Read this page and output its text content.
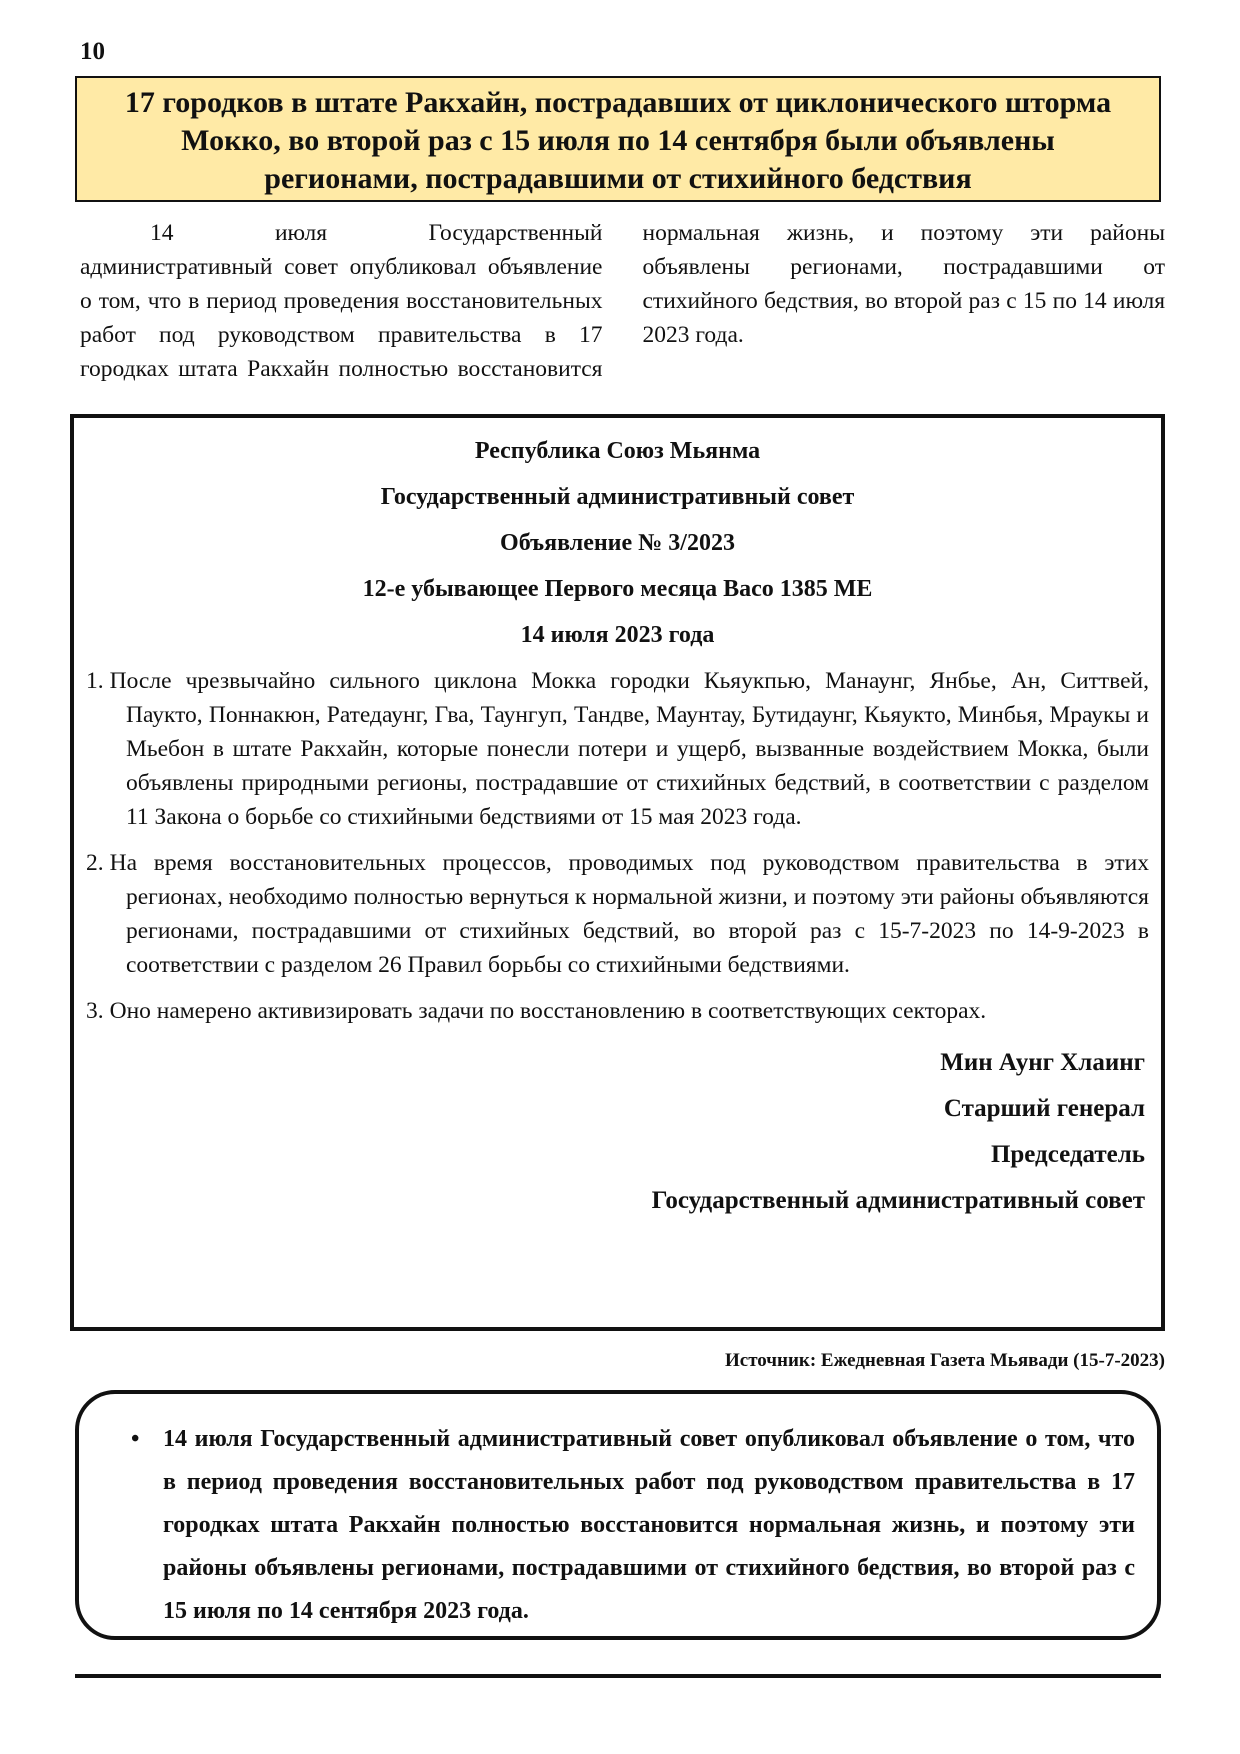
10
17 городков в штате Ракхайн, пострадавших от циклонического шторма
Мокко, во второй раз с 15 июля по 14 сентября были объявлены
регионами, пострадавшими от стихийного бедствия

14 июля Государственный административный совет опубликовал объявление о том, что в период проведения восстановительных работ под руководством правительства в 17 городках штата Ракхайн полностью восстановится нормальная жизнь, и поэтому эти районы объявлены регионами, пострадавшими от стихийного бедствия, во второй раз с 15 по 14 июля 2023 года.

Республика Союз Мьянма
Государственный административный совет
Объявление № 3/2023
12-е убывающее Первого месяца Васо 1385 ME
14 июля 2023 года
1. После чрезвычайно сильного циклона Мокка городки Кьяукпью, Манаунг, Янбье, Ан, Ситтвей, Паукто, Поннакюн, Ратедаунг, Гва, Таунгуп, Тандве, Маунтау, Бутидаунг, Кьяукто, Минбья, Мраукы и Мьебон в штате Ракхайн, которые понесли потери и ущерб, вызванные воздействием Мокка, были объявлены природными регионы, пострадавшие от стихийных бедствий, в соответствии с разделом 11 Закона о борьбе со стихийными бедствиями от 15 мая 2023 года.
2. На время восстановительных процессов, проводимых под руководством правительства в этих регионах, необходимо полностью вернуться к нормальной жизни, и поэтому эти районы объявляются регионами, пострадавшими от стихийных бедствий, во второй раз с 15-7-2023 по 14-9-2023 в соответствии с разделом 26 Правил борьбы со стихийными бедствиями.
3. Оно намерено активизировать задачи по восстановлению в соответствующих секторах.
Мин Аунг Хлаинг
Старший генерал
Председатель
Государственный административный совет
Источник: Ежедневная Газета Мьявади (15-7-2023)
• 14 июля Государственный административный совет опубликовал объявление о том, что в период проведения восстановительных работ под руководством правительства в 17 городках штата Ракхайн полностью восстановится нормальная жизнь, и поэтому эти районы объявлены регионами, пострадавшими от стихийного бедствия, во второй раз с 15 июля по 14 сентября 2023 года.
